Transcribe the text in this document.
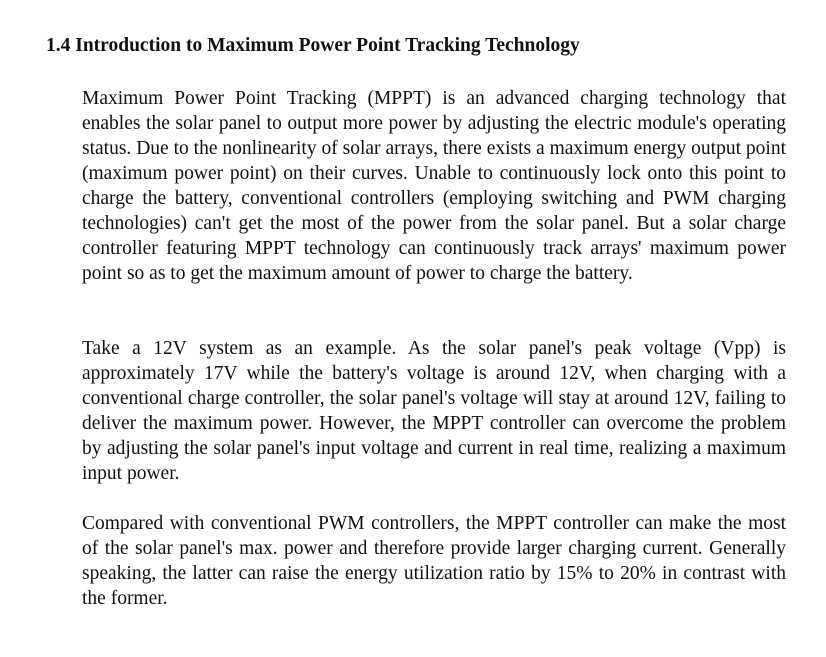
1.4 Introduction to Maximum Power Point Tracking Technology

Maximum Power Point Tracking (MPPT) is an advanced charging technology that enables the solar panel to output more power by adjusting the electric module's operating status. Due to the nonlinearity of solar arrays, there exists a maximum energy output point (maximum power point) on their curves. Unable to continuously lock onto this point to charge the battery, conventional controllers (employing switching and PWM charging technologies) can't get the most of the power from the solar panel. But a solar charge controller featuring MPPT technology can continuously track arrays' maximum power point so as to get the maximum amount of power to charge the battery.

Take a 12V system as an example. As the solar panel's peak voltage (Vpp) is approximately 17V while the battery's voltage is around 12V, when charging with a conventional charge controller, the solar panel's voltage will stay at around 12V, failing to deliver the maximum power. However, the MPPT controller can overcome the problem by adjusting the solar panel's input voltage and current in real time, realizing a maximum input power.

Compared with conventional PWM controllers, the MPPT controller can make the most of the solar panel's max. power and therefore provide larger charging current. Generally speaking, the latter can raise the energy utilization ratio by 15% to 20% in contrast with the former.
